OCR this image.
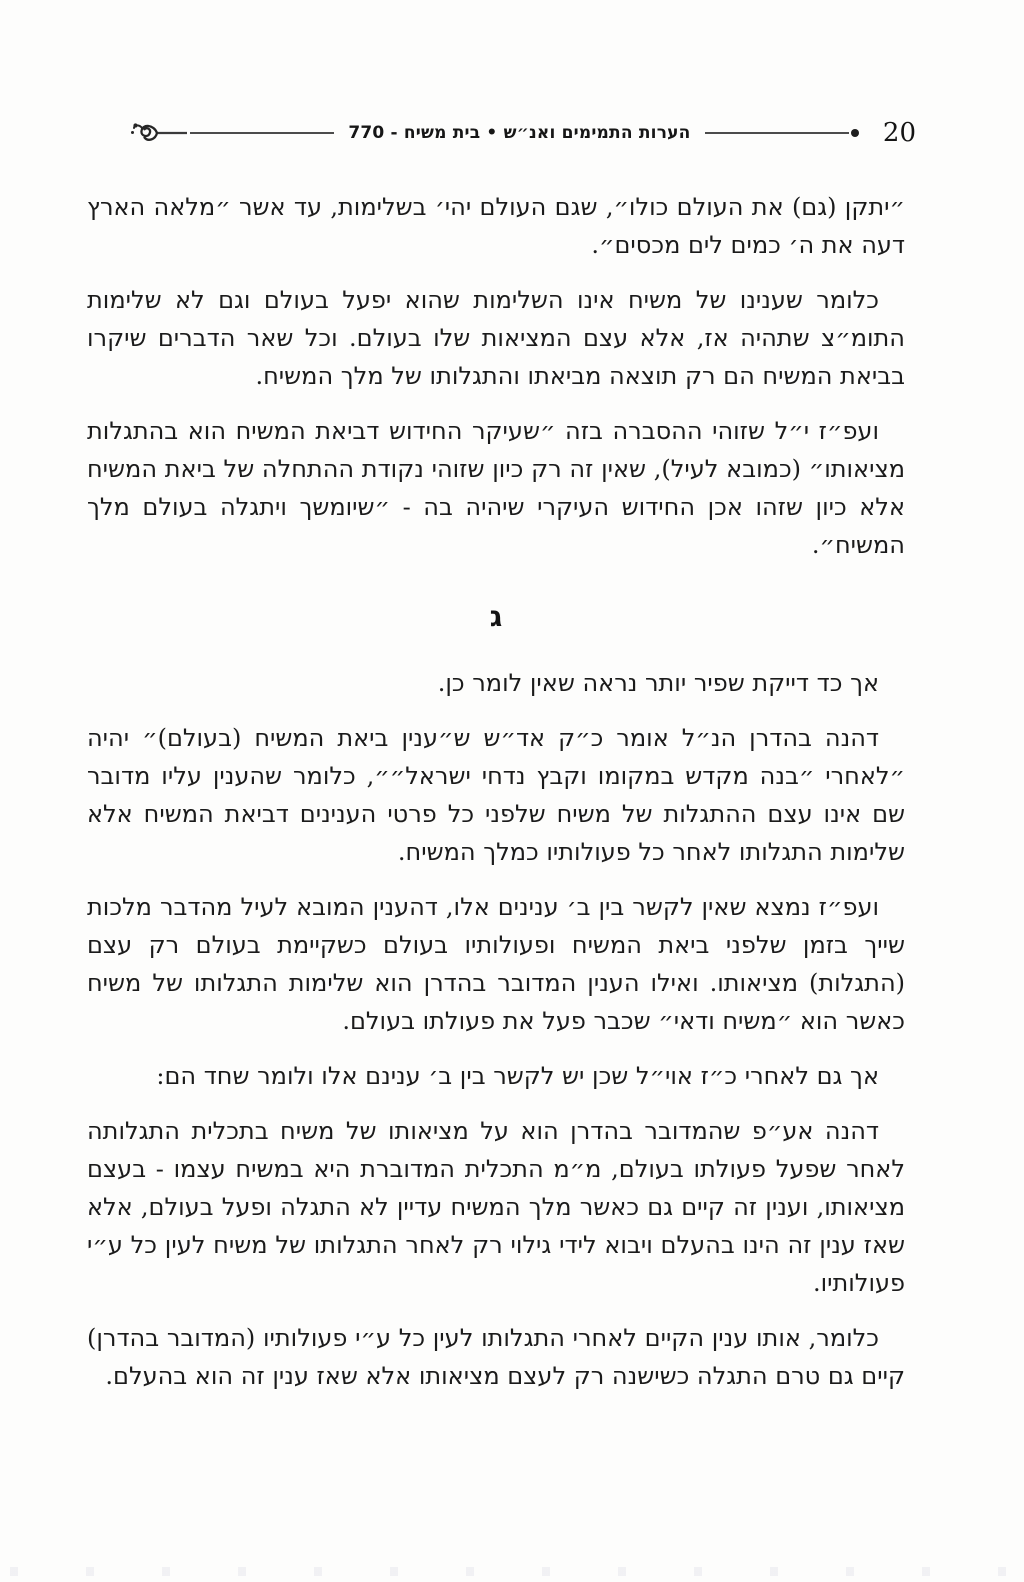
הערות התמימים ואנ״ש • בית משיח - 770	20

״יתקן (גם) את העולם כולו״, שגם העולם יהי׳ בשלימות, עד אשר ״מלאה הארץ דעה את ה׳ כמים לים מכסים״.

כלומר שענינו של משיח אינו השלימות שהוא יפעל בעולם וגם לא שלימות התומ״צ שתהיה אז, אלא עצם המציאות שלו בעולם. וכל שאר הדברים שיקרו בביאת המשיח הם רק תוצאה מביאתו והתגלותו של מלך המשיח.

ועפ״ז י״ל שזוהי ההסברה בזה ״שעיקר החידוש דביאת המשיח הוא בהתגלות מציאותו״ (כמובא לעיל), שאין זה רק כיון שזוהי נקודת ההתחלה של ביאת המשיח אלא כיון שזהו אכן החידוש העיקרי שיהיה בה - ״שיומשך ויתגלה בעולם מלך המשיח״.

ג

אך כד דייקת שפיר יותר נראה שאין לומר כן.

דהנה בהדרן הנ״ל אומר כ״ק אד״ש ש״ענין ביאת המשיח (בעולם)״ יהיה ״לאחרי ״בנה מקדש במקומו וקבץ נדחי ישראל״״, כלומר שהענין עליו מדובר שם אינו עצם ההתגלות של משיח שלפני כל פרטי הענינים דביאת המשיח אלא שלימות התגלותו לאחר כל פעולותיו כמלך המשיח.

ועפ״ז נמצא שאין לקשר בין ב׳ ענינים אלו, דהענין המובא לעיל מהדבר מלכות שייך בזמן שלפני ביאת המשיח ופעולותיו בעולם כשקיימת בעולם רק עצם (התגלות) מציאותו. ואילו הענין המדובר בהדרן הוא שלימות התגלותו של משיח כאשר הוא ״משיח ודאי״ שכבר פעל את פעולתו בעולם.

אך גם לאחרי כ״ז אוי״ל שכן יש לקשר בין ב׳ ענינם אלו ולומר שחד הם:

דהנה אע״פ שהמדובר בהדרן הוא על מציאותו של משיח בתכלית התגלותה לאחר שפעל פעולתו בעולם, מ״מ התכלית המדוברת היא במשיח עצמו - בעצם מציאותו, וענין זה קיים גם כאשר מלך המשיח עדיין לא התגלה ופעל בעולם, אלא שאז ענין זה הינו בהעלם ויבוא לידי גילוי רק לאחר התגלותו של משיח לעין כל ע״י פעולותיו.

כלומר, אותו ענין הקיים לאחרי התגלותו לעין כל ע״י פעולותיו (המדובר בהדרן) קיים גם טרם התגלה כשישנה רק לעצם מציאותו אלא שאז ענין זה הוא בהעלם.
